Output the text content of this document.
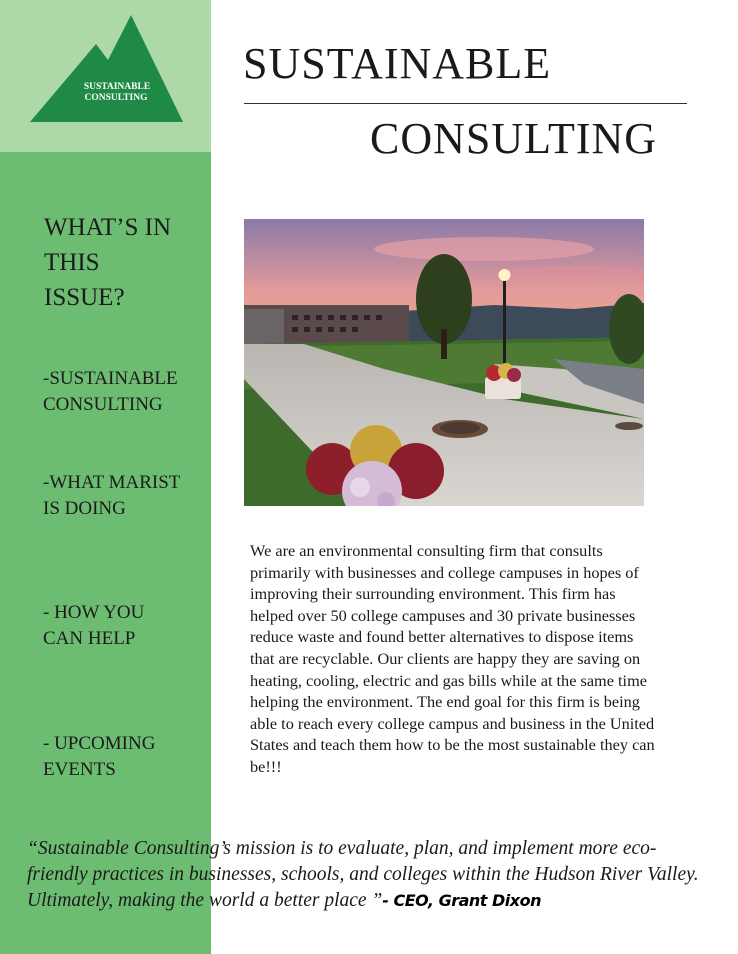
SUSTAINABLE
CONSULTING
WHAT’S IN
THIS
ISSUE?
-SUSTAINABLE
CONSULTING
-WHAT MARIST
IS DOING
- HOW YOU
CAN HELP
- UPCOMING
EVENTS
SUSTAINABLE
CONSULTING
We are an environmental consulting firm that consults primarily with businesses and college campuses in hopes of improving their surrounding environment. This firm has helped over 50 college campuses and 30 private businesses reduce waste and found better alternatives to dispose items that are recyclable. Our clients are happy they are saving on heating, cooling, electric and gas bills while at the same time helping the environment. The end goal for this firm is being able to reach every college campus and business in the United States and teach them how to be the most sustainable they can be!!!
“Sustainable Consulting’s mission is to evaluate, plan, and implement more eco-friendly practices in businesses, schools, and colleges within the Hudson River Valley. Ultimately, making the world a better place ”- CEO, Grant Dixon
